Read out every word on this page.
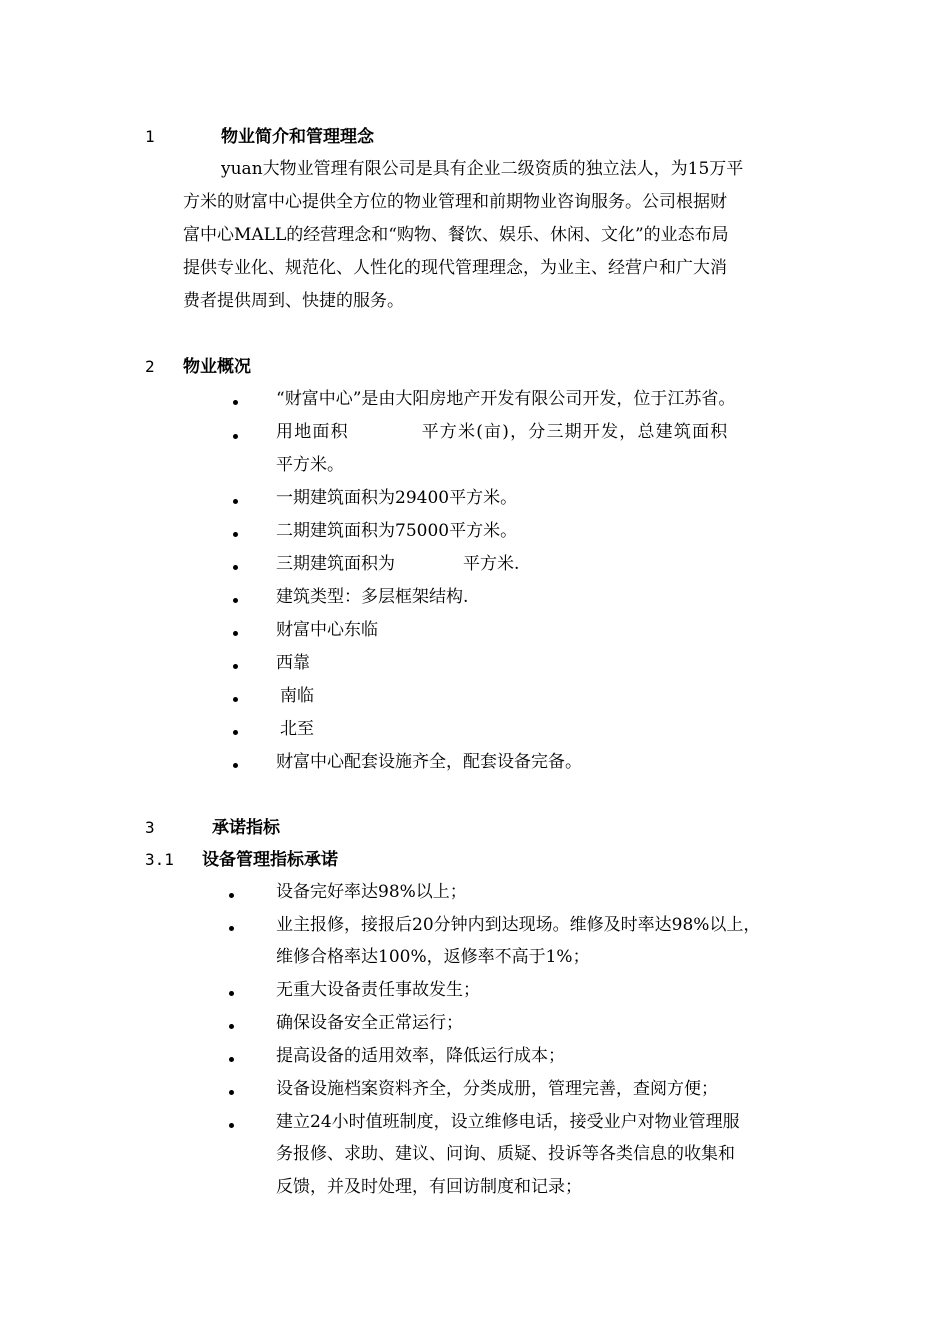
1	物业简介和管理理念
yuan大物业管理有限公司是具有企业二级资质的独立法人，为15万平
方米的财富中心提供全方位的物业管理和前期物业咨询服务。公司根据财
富中心MALL的经营理念和“购物、餐饮、娱乐、休闲、文化”的业态布局
提供专业化、规范化、人性化的现代管理理念，为业主、经营户和广大消
费者提供周到、快捷的服务。
2 物业概况
“财富中心”是由大阳房地产开发有限公司开发，位于江苏省。
用地面积　　　　平方米(亩)，分三期开发，总建筑面积
平方米。
一期建筑面积为29400平方米。
二期建筑面积为75000平方米。
三期建筑面积为　　　　平方米.
建筑类型：多层框架结构.
财富中心东临
西靠
南临
北至
财富中心配套设施齐全，配套设备完备。
3	承诺指标
3.1 设备管理指标承诺
设备完好率达98%以上；
业主报修，接报后20分钟内到达现场。维修及时率达98%以上，
维修合格率达100%，返修率不高于1%；
无重大设备责任事故发生；
确保设备安全正常运行；
提高设备的适用效率，降低运行成本；
设备设施档案资料齐全，分类成册，管理完善，查阅方便；
建立24小时值班制度，设立维修电话，接受业户对物业管理服
务报修、求助、建议、问询、质疑、投诉等各类信息的收集和
反馈，并及时处理，有回访制度和记录；
